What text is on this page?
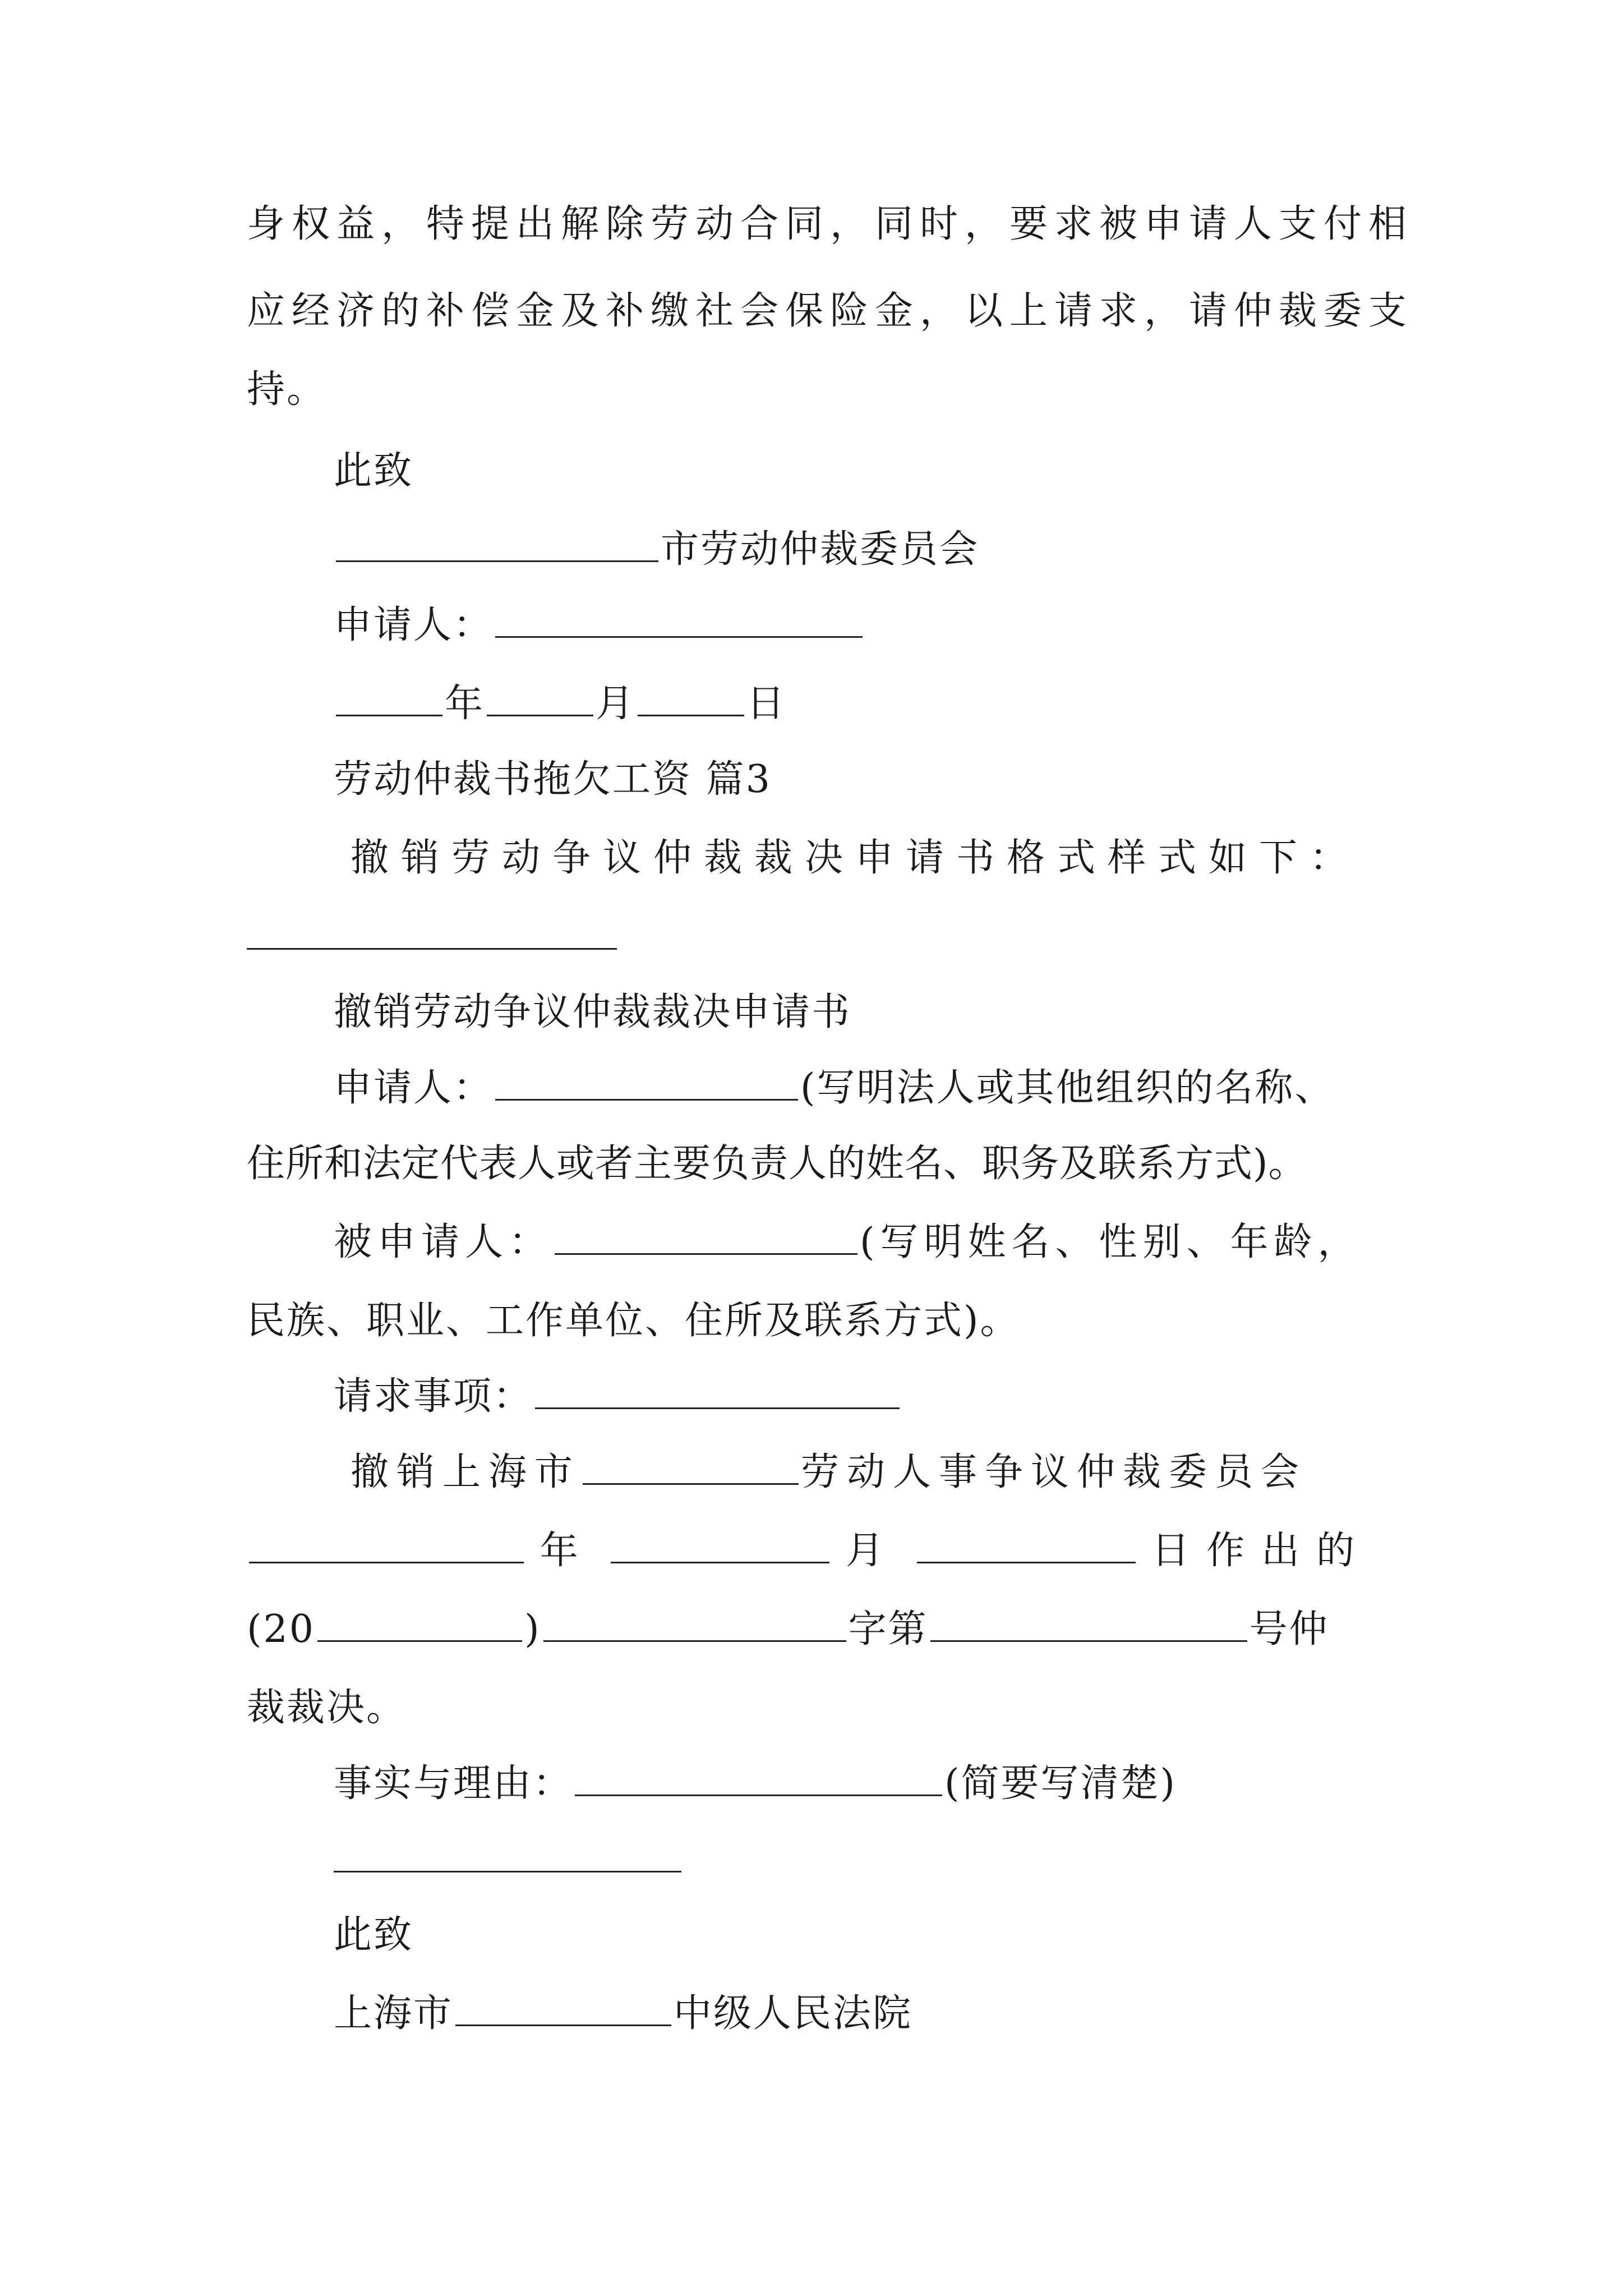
身权益，特提出解除劳动合同，同时，要求被申请人支付相
应经济的补偿金及补缴社会保险金，以上请求，请仲裁委支
持。
此致
市劳动仲裁委员会
申请人：
年	月	日
劳动仲裁书拖欠工资 篇3
撤销劳动争议仲裁裁决申请书格式样式如下：
撤销劳动争议仲裁裁决申请书
申请人：	(写明法人或其他组织的名称、
住所和法定代表人或者主要负责人的姓名、职务及联系方式)。
被申请人：	(写明姓名、性别、年龄，
民族、职业、工作单位、住所及联系方式)。
请求事项：
撤销上海市	劳动人事争议仲裁委员会
年	月	日作出的
(20	)	字第	号仲
裁裁决。
事实与理由：	(简要写清楚)
此致
上海市	中级人民法院
